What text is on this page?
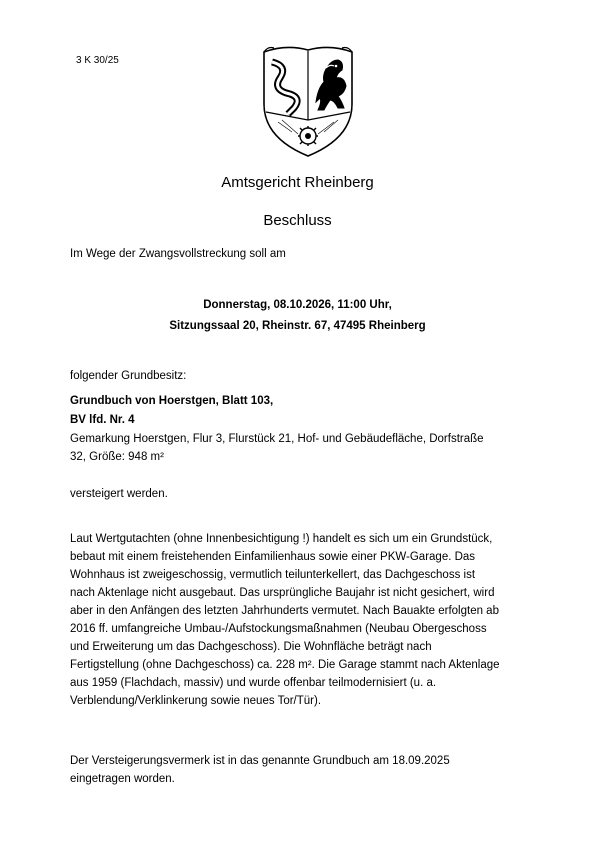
3 K 30/25
Amtsgericht Rheinberg
Beschluss
Im Wege der Zwangsvollstreckung soll am
Donnerstag, 08.10.2026, 11:00 Uhr,
Sitzungssaal 20, Rheinstr. 67, 47495 Rheinberg
folgender Grundbesitz:
Grundbuch von Hoerstgen, Blatt 103,
BV lfd. Nr. 4
Gemarkung Hoerstgen, Flur 3, Flurstück 21, Hof- und Gebäudefläche, Dorfstraße
32, Größe: 948 m²
versteigert werden.
Laut Wertgutachten (ohne Innenbesichtigung !) handelt es sich um ein Grundstück,
bebaut mit einem freistehenden Einfamilienhaus sowie einer PKW-Garage. Das
Wohnhaus ist zweigeschossig, vermutlich teilunterkellert, das Dachgeschoss ist
nach Aktenlage nicht ausgebaut. Das ursprüngliche Baujahr ist nicht gesichert, wird
aber in den Anfängen des letzten Jahrhunderts vermutet. Nach Bauakte erfolgten ab
2016 ff. umfangreiche Umbau-/Aufstockungsmaßnahmen (Neubau Obergeschoss
und Erweiterung um das Dachgeschoss). Die Wohnfläche beträgt nach
Fertigstellung (ohne Dachgeschoss) ca. 228 m². Die Garage stammt nach Aktenlage
aus 1959 (Flachdach, massiv) und wurde offenbar teilmodernisiert (u. a.
Verblendung/Verklinkerung sowie neues Tor/Tür).
Der Versteigerungsvermerk ist in das genannte Grundbuch am 18.09.2025
eingetragen worden.
